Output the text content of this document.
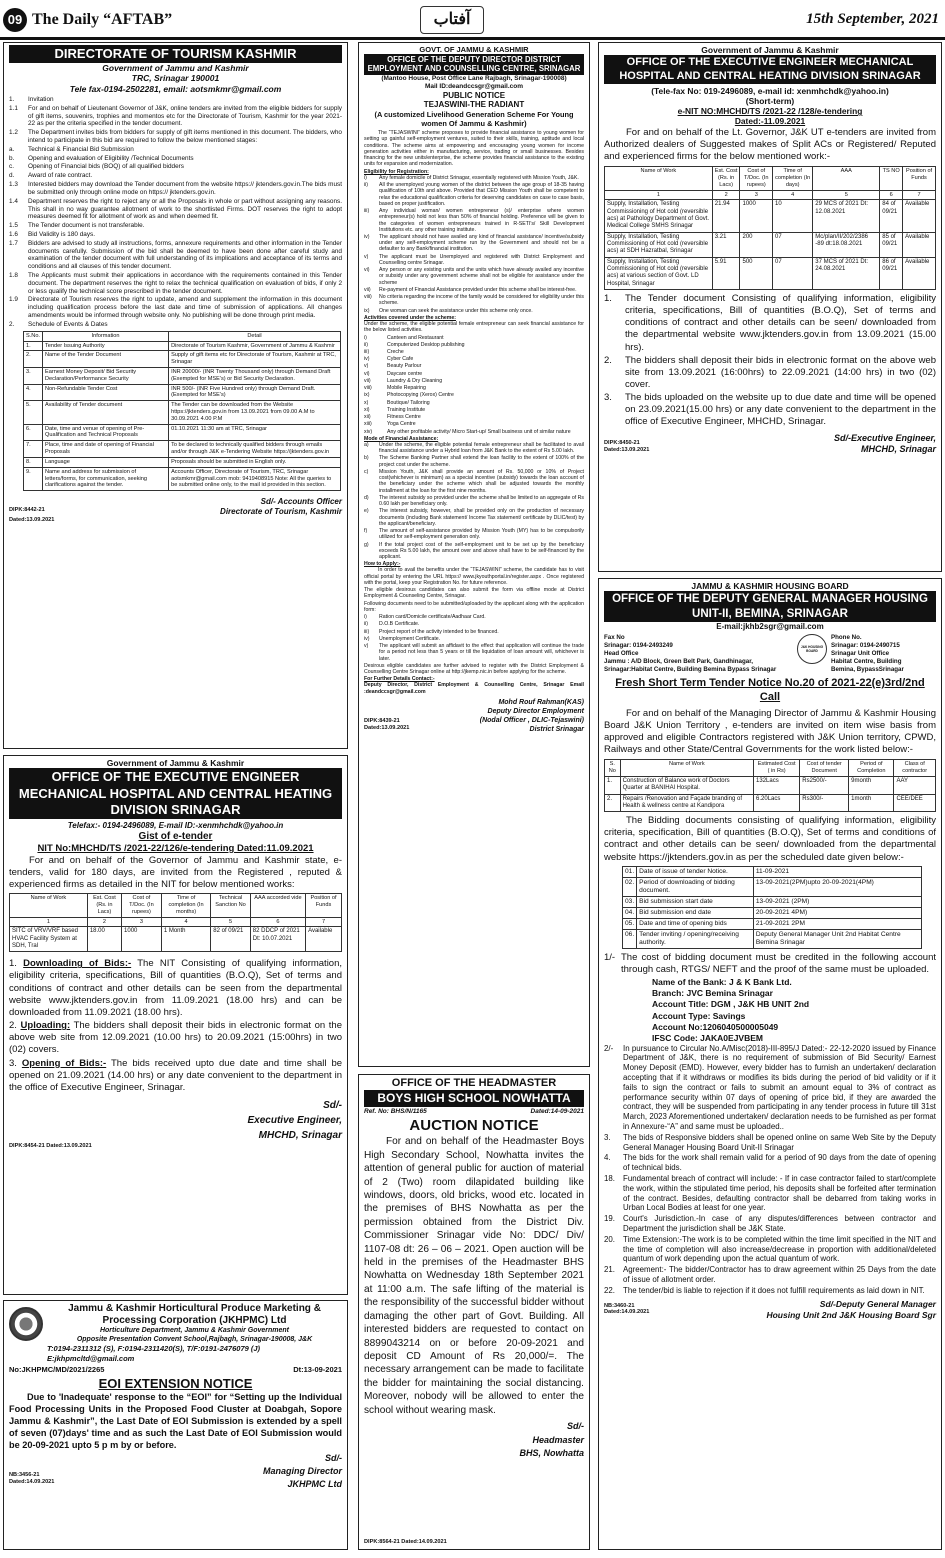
09 The Daily “AFTAB”	آفتاب	15th September, 2021
DIRECTORATE OF TOURISM KASHMIR
Government of Jammu and Kashmir
TRC, Srinagar 190001
Tele fax-0194-2502281, email: aotsmkmr@gmail.com
1.	Invitation
1.1	For and on behalf of Lieutenant Governor of J&K, online tenders are invited from the eligible bidders for supply of gift items, souvenirs, trophies and momentos etc for the Directorate of Tourism, Kashmir for the year 2021-22 as per the criteria specified in the tender document.
1.2	The Department invites bids from bidders for supply of gift items mentioned in this document. The bidders, who intend to participate in this bid are required to follow the below mentioned stages:
a.	Technical & Financial Bid Submission
b.	Opening and evaluation of Eligibility /Technical Documents
c.	Opening of Financial bids (BOQ) of all qualified bidders
d.	Award of rate contract.
1.3	Interested bidders may download the Tender document from the website https:// jktenders.gov.in.The bids must be submitted only through online mode on https:// jktenders.gov.in.
1.4	Department reserves the right to reject any or all the Proposals in whole or part without assigning any reasons. This shall in no way guarantee allotment of work to the shortlisted Firms. DOT reserves the right to adopt measures deemed fit for allotment of work as and when deemed fit.
1.5	The Tender document is not transferable.
1.6	Bid Validity is 180 days.
1.7	Bidders are advised to study all instructions, forms, annexure requirements and other information in the Tender documents carefully. Submission of the bid shall be deemed to have been done after careful study and examination of the tender document with full understanding of its implications and acceptance of its terms and conditions and all clauses of this tender document.
1.8	The Applicants must submit their applications in accordance with the requirements contained in this Tender document. The department reserves the right to relax the technical qualification on evaluation of bids, if only 2 or less qualify the technical score prescribed in the tender document.
1.9	Directorate of Tourism reserves the right to update, amend and supplement the information in this document including qualification process before the last date and time of submission of applications. All changes amendments would be informed through website only. No publishing will be done through print media.
2.	Schedule of Events & Dates
S.No.	Information	Detail
1.	Tender Issuing Authority	Directorate of Tourism Kashmir, Government of Jammu & Kashmir
2.	Name of the Tender Document	Supply of gift items etc for Directorate of Tourism, Kashmir at TRC, Srinagar
3.	Earnest Money Deposit/ Bid Security Declaration/Performance Security	INR 20000/- (INR Twenty Thousand only) through Demand Draft (Exempted for MSE's) or Bid Security Declaration.
4.	Non-Refundable Tender Cost	INR 500/- (INR Five Hundred only) through Demand Draft. (Exempted for MSE's)
5.	Availability of Tender document	The Tender can be downloaded from the Website https://jktenders.gov.in from 13.09.2021 from 09.00 A.M to 30.09.2021 4.00 P.M
6.	Date, time and venue of opening of Pre-Qualification and Technical Proposals	01.10.2021 11:30 am at TRC, Srinagar
7.	Place, time and date of opening of Financial Proposals	To be declared to technically qualified bidders through emails and/or through J&K e-Tendering Website https://jktenders.gov.in
8.	Language	Proposals should be submitted in English only.
9.	Name and address for submission of letters/forms, for communication, seeking clarifications against the tender.	Accounts Officer, Directorate of Tourism, TRC, Srinagar aotsmkmr@gmail.com mob: 9419408915 Note: All the queries to be submitted online only, to the mail id provided in this section.
Sd/- Accounts Officer
DIPK:8442-21	Directorate of Tourism, Kashmir
Dated:13.09.2021
Government of Jammu & Kashmir
OFFICE OF THE EXECUTIVE ENGINEER MECHANICAL HOSPITAL AND CENTRAL HEATING DIVISION SRINAGAR
Telefax:- 0194-2496089, E-mail ID:-xenmhchdk@yahoo.in
Gist of e-tender
NIT No:MHCHD/TS /2021-22/126/e-tendering Dated:11.09.2021

For and on behalf of the Governor of Jammu and Kashmir state, e-tenders, valid for 180 days, are invited from the Registered , reputed & experienced firms as detailed in the NIT for below mentioned works:

Name of Work	Est. Cost (Rs. in Lacs)	Cost of T/Doc. (In rupees)	Time of completion (In months)	Technical Sanction No	AAA accorded vide	Position of Funds
1	2	3	4	5	6	7
SITC of VRV/VRF based HVAC Facility System at SDH, Tral	18.00	1000	1 Month	82 of 09/21	82 DDCP of 2021 Dt: 10.07.2021	Available

1. Downloading of Bids:- The NIT Consisting of qualifying information, eligibility criteria, specifications, Bill of quantities (B.O.Q), Set of terms and conditions of contract and other details can be seen from the departmental website www.jktenders.gov.in from 11.09.2021 (18.00 hrs) and can be downloaded from 11.09.2021 (18.00 hrs).

2. Uploading: The bidders shall deposit their bids in electronic format on the above web site from 12.09.2021 (10.00 hrs) to 20.09.2021 (15:00hrs) in two (02) covers.

3. Opening of Bids:- The bids received upto due date and time shall be opened on 21.09.2021 (14.00 hrs) or any date convenient to the department in the office of Executive Engineer, Srinagar.

Sd/-
Executive Engineer,
MHCHD, Srinagar
DIPK:8454-21 Dated:13.09.2021
Jammu & Kashmir Horticultural Produce Marketing & Processing Corporation (JKHPMC) Ltd
Horticulture Department, Jammu & Kashmir Government
Opposite Presentation Convent School,Rajbagh, Srinagar-190008, J&K
T:0194-2311312 (S), F:0194-2311420(S), T/F:0191-2476079 (J)
E:jkhpmcltd@gmail.com
No:JKHPMC/MD/2021/2265	Dt:13-09-2021
EOI EXTENSION NOTICE

Due to 'Inadequate' response to the “EOI” for “Setting up the Individual Food Processing Units in the Proposed Food Cluster at Doabgah, Sopore Jammu & Kashmir”, the Last Date of EOI Submission is extended by a spell of seven (07)days' time and as such the Last Date of EOI Submission would be 20-09-2021 upto 5 p m by or before.

Sd/-
Managing Director
JKHPMC Ltd
NB:3456-21
Dated:14.09.2021
GOVT. OF JAMMU & KASHMIR
OFFICE OF THE DEPUTY DIRECTOR DISTRICT EMPLOYMENT AND COUNSELLING CENTRE, SRINAGAR
(Mantoo House, Post Office Lane Rajbagh, Srinagar-190008)
Mail ID:deandccsgr@gmail.com
PUBLIC NOTICE
TEJASWINI-THE RADIANT
(A customized Livelihood Generation Scheme For Young women Of Jammu & Kashmir)

The “TEJASWINI” scheme proposes to provide financial assistance to young women for setting up gainful self-employment ventures, suited to their skills, training, aptitude and local conditions. The scheme aims at empowering and encouraging young women for income generation activities either in manufacturing, service, trading or small businesses. Besides financing for the new units/enterprise, the scheme provides financial assistance to the existing units for expansion and modernization.

Eligibility for Registration:
i)	Any female domicile of District Srinagar, essentially registered with Mission Youth, J&K.
ii)	All the unemployed young women of the district between the age group of 18-35 having qualification of 10th and above. Provided that CEO Mission Youth shall be competent to relax the educational qualification criteria for deserving candidates on case to case basis, based on proper justification.
iii)	Any individual woman/ women entrepreneur (s)/ enterprise where women entrepreneur(s) hold not less than 50% of financial holding. Preference will be given to the categories of women entrepreneurs trained in R-SETI's/ Skill Development Institutions etc. any other training institute.
iv)	The applicant should not have availed any kind of financial assistance/ incentive/subsidy under any self-employment scheme run by the Government and should not be a defaulter to any Bank/financial institution.
v)	The applicant must be Unemployed and registered with District Employment and Counselling centre Srinagar.
vi)	Any person or any existing units and the units which have already availed any incentive or subsidy under any government scheme shall not be eligible for assistance under the scheme
vii)	Re-payment of Financial Assistance provided under this scheme shall be interest-free.
viii)	No criteria regarding the income of the family would be considered for eligibility under this scheme.
ix)	One woman can seek the assistance under this scheme only once.
Activities covered under the scheme:

Under the scheme, the eligible potential female entrepreneur can seek financial assistance for the below listed activities.

i)	Canteen and Restaurant
ii)	Computerized Desktop publishing
iii)	Creche
iv)	Cyber Cafe
v)	Beauty Parlour
vi)	Daycare centre
vii)	Laundry & Dry Cleaning
viii)	Mobile Repairing
ix)	Photocopying (Xerox) Centre
x)	Boutique/ Tailoring
xi)	Training Institute
xii)	Fitness Centre
xiii)	Yoga Centre
xiv)	Any other profitable activity/ Micro Start-up/ Small business unit of similar nature
Mode of Financial Assistance:
a)	Under the scheme, the eligible potential female entrepreneur shall be facilitated to avail financial assistance under a Hybrid loan from J&K Bank to the extent of Rs 5.00 lakh.
b)	The Scheme Banking Partner shall extend the loan facility to the extent of 100% of the project cost under the scheme.
c)	Mission Youth, J&K shall provide an amount of Rs. 50,000 or 10% of Project cost(whichever is minimum) as a special incentive (subsidy) towards the loan account of the beneficiary under the scheme which shall be adjusted towards the monthly installment at the loan for the first nine months.
d)	The interest subsidy so provided under the scheme shall be limited to an aggregate of Rs 0.60 lakh per beneficiary only.
e)	The interest subsidy, however, shall be provided only on the production of necessary documents (including Bank statement/ Income Tax statement/ certificate by DLIC/test) by the applicant/beneficiary.
f)	The amount of self-assistance provided by Mission Youth (MY) has to be compulsorily utilized for self-employment generation only.
g)	If the total project cost of the self-employment unit to be set up by the beneficiary exceeds Rs 5.00 lakh, the amount over and above shall have to be self-financed by the applicant.
How to Apply:-

In order to avail the benefits under the “TEJASWINI” scheme, the candidate has to visit official portal by entering the URL https:// www.jkyouthportal.in/register.aspx . Once registered with the portal, keep your Registration No. for future reference.

The eligible desirous candidates can also submit the form via offline mode at District Employment & Counseling Centre, Srinagar.

Following documents need to be submitted/uploaded by the applicant along with the application form:

i)	Ration card/Domicile certificate/Aadhaar Card.
ii)	D.O.B Certificate.
iii)	Project report of the activity intended to be financed.
iv)	Unemployment Certificate.
v)	The applicant will submit an affidavit to the effect that application will continue the trade for a period not less than 5 years or till the liquidation of loan amount will, whichever is later.

Desirous eligible candidates are further advised to register with the District Employment & Counselling Centre Srinagar online at http://jkemp.nic.in before applying for the scheme.

For Further Details Contact:-

Deputy Director, District Employment & Counselling Centre, Srinagar Email :deandccsgr@gmail.com

Mohd Rouf Rahman(KAS)
Deputy Director Employment
(Nodal Officer , DLIC-Tejaswini)
District Srinagar
DIPK:8439-21
Dated:13.09.2021
OFFICE OF THE HEADMASTER
BOYS HIGH SCHOOL NOWHATTA
Ref. No: BHS/N/1165	Dated:14-09-2021
AUCTION NOTICE

For and on behalf of the Headmaster Boys High Secondary School, Nowhatta invites the attention of general public for auction of material of 2 (Two) room dilapidated building like windows, doors, old bricks, wood etc. located in the premises of BHS Nowhatta as per the permission obtained from the District Div. Commissioner Srinagar vide No: DDC/ Div/ 1107-08 dt: 26 – 06 – 2021. Open auction will be held in the premises of the Headmaster BHS Nowhatta on Wednesday 18th September 2021 at 11:00 a.m. The safe lifting of the material is the responsibility of the successful bidder without damaging the other part of Govt. Building. All interested bidders are requested to contact on 8899043214 on or before 20-09-2021 and deposit CD Amount of Rs 20,000/=. The necessary arrangement can be made to facilitate the bidder for maintaining the social distancing. Moreover, nobody will be allowed to enter the school without wearing mask.

Sd/-
Headmaster
BHS, Nowhatta
DIPK:8564-21 Dated:14.09.2021
Government of Jammu & Kashmir
OFFICE OF THE EXECUTIVE ENGINEER MECHANICAL HOSPITAL AND CENTRAL HEATING DIVISION SRINAGAR
(Tele-fax No: 019-2496089, e-mail id: xenmhchdk@yahoo.in)
(Short-term)
e-NIT NO:MHCHD/TS /2021-22 /128/e-tendering
Dated:-11.09.2021

For and on behalf of the Lt. Governor, J&K UT e-tenders are invited from Authorized dealers of Suggested makes of Split ACs or Registered/ Reputed and experienced firms for the below mentioned work:-

Name of Work	Est. Cost (Rs. in Lacs)	Cost of T/Doc. (In rupees)	Time of completion (In days)	AAA	TS NO	Position of Funds
1	2	3	4	5	6	7
Supply, Installation, Testing Commissioning of Hot cold (reversible acs) at Pathology Department of Govt. Medical College SMHS Srinagar	21.94	1000	10	29 MCS of 2021 Dt: 12.08.2021	84 of 09/21	Available
Supply, Installation, Testing Commissioning of Hot cold (reversible acs) at SDH Hazratbal, Srinagar	3.21	200	07	Mc/plan/II/202/2386 -89 dt:18.08.2021	85 of 09/21	Available
Supply, Installation, Testing Commissioning of Hot cold (reversible acs) at various section of Govt. LD Hospital, Srinagar	5.91	500	07	37 MCS of 2021 Dt: 24.08.2021	86 of 09/21	Available
1.	The Tender document Consisting of qualifying information, eligibility criteria, specifications, Bill of quantities (B.O.Q), Set of terms and conditions of contract and other details can be seen/ downloaded from the departmental website www.jktenders.gov.in from 13.09.2021 (15.00 hrs).
2.	The bidders shall deposit their bids in electronic format on the above web site from 13.09.2021 (16:00hrs) to 22.09.2021 (14:00 hrs) in two (02) cover.
3.	The bids uploaded on the website up to due date and time will be opened on 23.09.2021(15.00 hrs) or any date convenient to the department in the office of Executive Engineer, MHCHD, Srinagar.
Sd/-Executive Engineer,
MHCHD, Srinagar
DIPK:8450-21
Dated:13.09.2021
JAMMU & KASHMIR HOUSING BOARD
OFFICE OF THE DEPUTY GENERAL MANAGER HOUSING UNIT-II, BEMINA, SRINAGAR
E-mail:jkhb2sgr@gmail.com
Fax No
Srinagar: 0194-2493249
Head Office
Jammu : A/D Block, Green Belt Park, Gandhinagar,
Srinagar:Habitat Centre, Building Bemina Bypass Srinagar
J&K HOUSING BOARD
Phone No.
Srinagar: 0194-2490715
Srinagar Unit Office
Habitat Centre, Building
Bemina, BypassSrinagar
Fresh Short Term Tender Notice No.20 of 2021-22(e)3rd/2nd Call

For and on behalf of the Managing Director of Jammu & Kashmir Housing Board J&K Union Territory , e-tenders are invited on item wise basis from approved and eligible Contractors registered with J&K Union territory, CPWD, Railways and other State/Central Governments for the work listed below:-

S. No	Name of Work	Estimated Cost ( in Rs)	Cost of tender Document	Period of Completion	Class of contractor
1.	Construction of Balance work of Doctors Quarter at BANIHAl Hospital.	132Lacs	Rs2500/-	9month	AAY
2.	Repairs /Renovation and Façade branding of Health & wellness centre at Kandipora	6.20Lacs	Rs300/-	1month	CEE/DEE

The Bidding documents consisting of qualifying information, eligibility criteria, specification, Bill of quantities (B.O.Q), Set of terms and conditions of contract and other details can be seen/ downloaded from the departmental website https://jktenders.gov.in as per the scheduled date given below:-

01.	Date of issue of tender Notice.	11-09-2021
02.	Period of downloading of bidding document.	13-09-2021(2PM)upto 20-09-2021(4PM)
03.	Bid submission start date	13-09-2021 (2PM)
04.	Bid submission end date	20-09-2021 4PM)
05.	Date and time of opening bids	21-09-2021 2PM
06.	Tender inviting / opening/receiving authority.	Deputy General Manager Unit 2nd Habitat Centre Bemina Srinagar
1/- The cost of bidding document must be credited in the following account through cash, RTGS/ NEFT and the proof of the same must be uploaded.
Name of the Bank: J & K Bank Ltd.
Branch: JVC Bemina Srinagar
Account Title: DGM , J&K HB UNIT 2nd
Account Type: Savings
Account No:1206040500005049
IFSC Code: JAKA0EJVBEM
2/-	In pursuance to Circular No.A/Misc(2018)-III-895/J Dated:- 22-12-2020 issued by Finance Department of J&K, there is no requirement of submission of Bid Security/ Earnest Money Deposit (EMD). However, every bidder has to furnish an undertaken/ declaration accepting that if it withdraws or modifies its bids during the period of bid validity or if it fails to sign the contract or fails to submit an amount equal to 3% of contract as performance security within 07 days of opening of price bid, if they are awarded the contract, they will be suspended from participating in any tender process in future till 31st March, 2023 Aforementioned undertaken/ declaration needs to be furnished as per format in Annexure-“A” and same must be uploaded..
3.	The bids of Responsive bidders shall be opened online on same Web Site by the Deputy General Manager Housing Board Unit-II Srinagar
4.	The bids for the work shall remain valid for a period of 90 days from the date of opening of technical bids.
18.	Fundamental breach of contract will include: - If in case contractor failed to start/complete the work, within the stipulated time period, his deposits shall be forfeited after termination of the contract. Besides, defaulting contractor shall be debarred from taking works in Urban Local Bodies at least for one year.
19.	Court's Jurisdiction.-In case of any disputes/differences between contractor and Department the jurisdiction shall be J&K State.
20.	Time Extension:-The work is to be completed within the time limit specified in the NIT and the time of completion will also increase/decrease in proportion with additional/deleted quantum of work depending upon the actual quantum of work.
21.	Agreement:- The bidder/Contractor has to draw agreement within 25 Days from the date of issue of allotment order.
22.	The tender/bid is liable to rejection if it does not fulfill requirements as laid down in NIT.
Sd/-Deputy General Manager
Housing Unit 2nd J&K Housing Board Sgr
NB:3460-21
Dated:14.09.2021
